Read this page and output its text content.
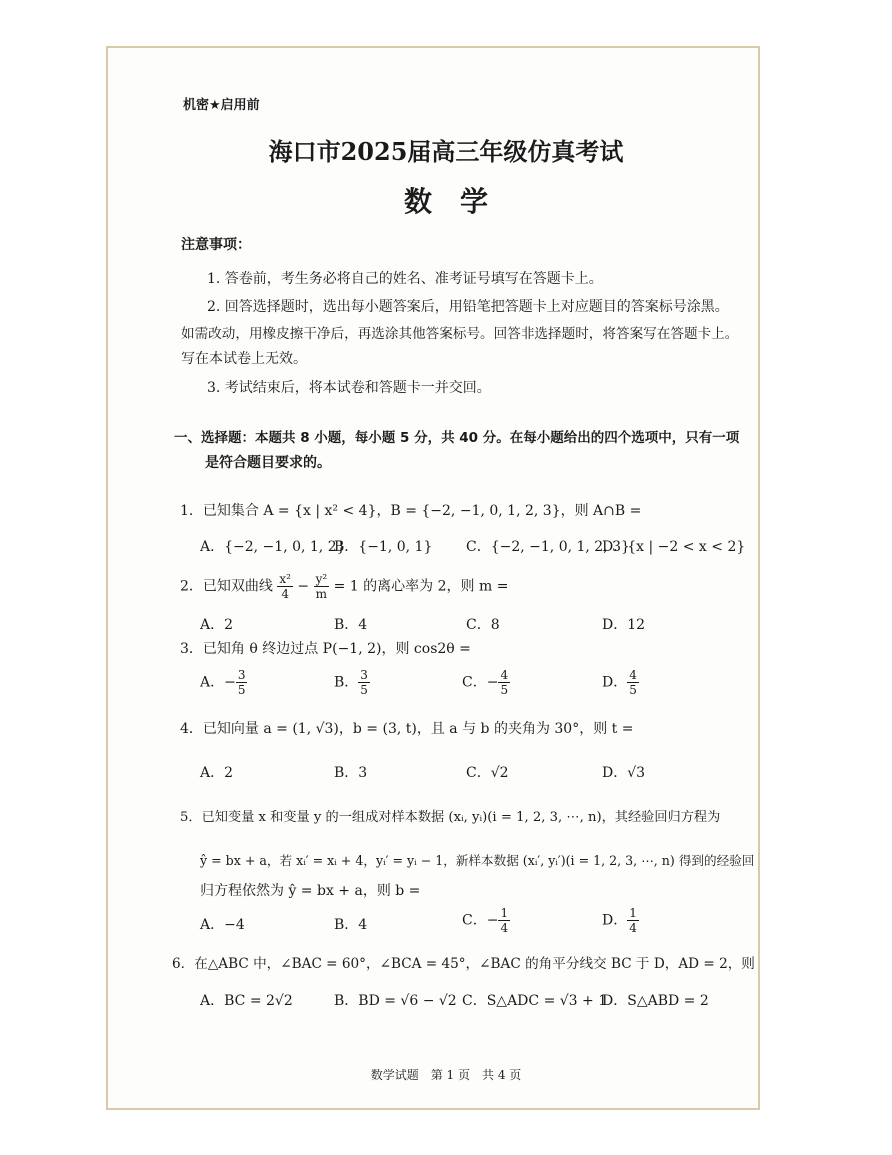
机密★启用前
海口市2025届高三年级仿真考试
数学
注意事项：
1. 答卷前，考生务必将自己的姓名、准考证号填写在答题卡上。
2. 回答选择题时，选出每小题答案后，用铅笔把答题卡上对应题目的答案标号涂黑。
如需改动，用橡皮擦干净后，再选涂其他答案标号。回答非选择题时，将答案写在答题卡上。
写在本试卷上无效。
3. 考试结束后，将本试卷和答题卡一并交回。
一、选择题：本题共 8 小题，每小题 5 分，共 40 分。在每小题给出的四个选项中，只有一项
是符合题目要求的。
1．已知集合 A = {x | x² < 4}，B = {−2, −1, 0, 1, 2, 3}，则 A∩B =
A．{−2, −1, 0, 1, 2}
B．{−1, 0, 1} C．{−2, −1, 0, 1, 2, 3}
D．{x | −2 < x < 2}
2．已知双曲线 $\frac{\text{x²}}{4} - \frac{\text{y²}}{m} = 1$ 的离心率为 2，则 m =
A．2	B．4	C．8	D．12
3．已知角 θ 终边过点 P(−1, 2)，则 cos2θ =
A．− $\frac{3}{5}$	B． $\frac{3}{5}$	C．− $\frac{4}{5}$	D． $\frac{4}{5}$
4．已知向量 a = (1, √3)，b = (3, t)，且 a 与 b 的夹角为 30°，则 t =
A．2	B．3	C．√2	D．√3
5．已知变量 x 和变量 y 的一组成对样本数据 (xᵢ, yᵢ)(i = 1, 2, 3, ⋯, n)，其经验回归方程为
ŷ = bx + a，若 xᵢ′ = xᵢ + 4，yᵢ′ = yᵢ − 1，新样本数据 (xᵢ′, yᵢ′)(i = 1, 2, 3, ⋯, n) 得到的经验回
归方程依然为 ŷ = bx + a，则 b =
A．−4	B．4	C．− $\frac{1}{4}$	D． $\frac{1}{4}$
6．在△ABC 中，∠BAC = 60°，∠BCA = 45°，∠BAC 的角平分线交 BC 于 D，AD = 2，则
A．BC = 2√2	B．BD = √6 − √2 C．S△ADC = √3 + 1
D．S△ABD = 2
数学试题　第 1 页　共 4 页
